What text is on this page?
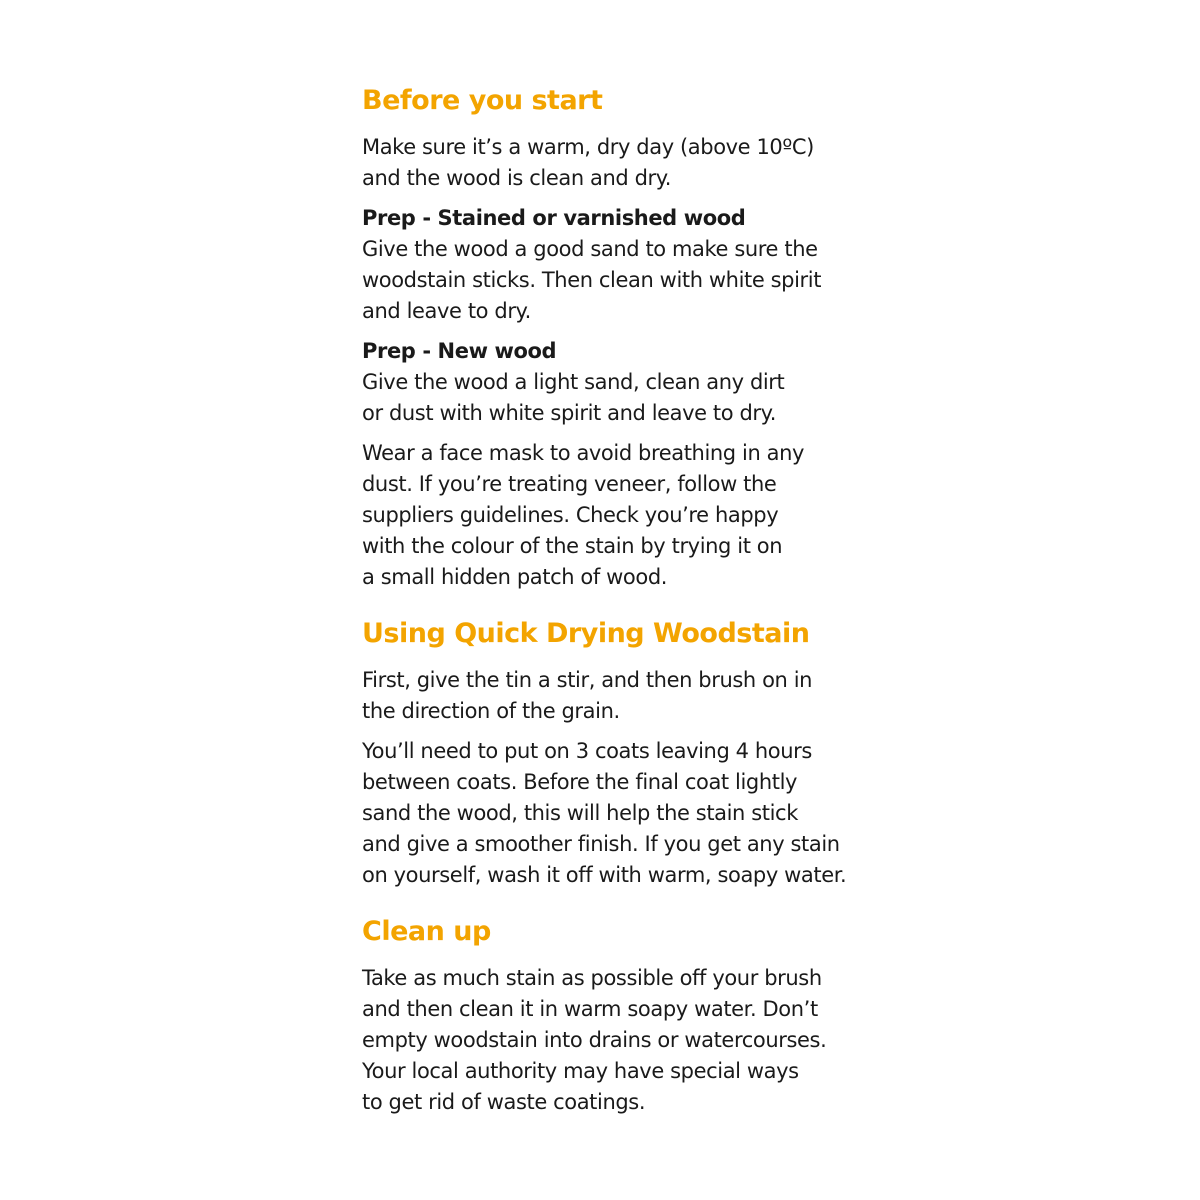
Before you start

Make sure it’s a warm, dry day (above 10ºC)

and the wood is clean and dry.

Prep - Stained or varnished wood

Give the wood a good sand to make sure the

woodstain sticks. Then clean with white spirit

and leave to dry.

Prep - New wood

Give the wood a light sand, clean any dirt

or dust with white spirit and leave to dry.

Wear a face mask to avoid breathing in any

dust. If you’re treating veneer, follow the

suppliers guidelines. Check you’re happy

with the colour of the stain by trying it on

a small hidden patch of wood.

Using Quick Drying Woodstain

First, give the tin a stir, and then brush on in

the direction of the grain.

You’ll need to put on 3 coats leaving 4 hours

between coats. Before the final coat lightly

sand the wood, this will help the stain stick

and give a smoother finish. If you get any stain

on yourself, wash it off with warm, soapy water.

Clean up

Take as much stain as possible off your brush

and then clean it in warm soapy water. Don’t

empty woodstain into drains or watercourses.

Your local authority may have special ways

to get rid of waste coatings.
